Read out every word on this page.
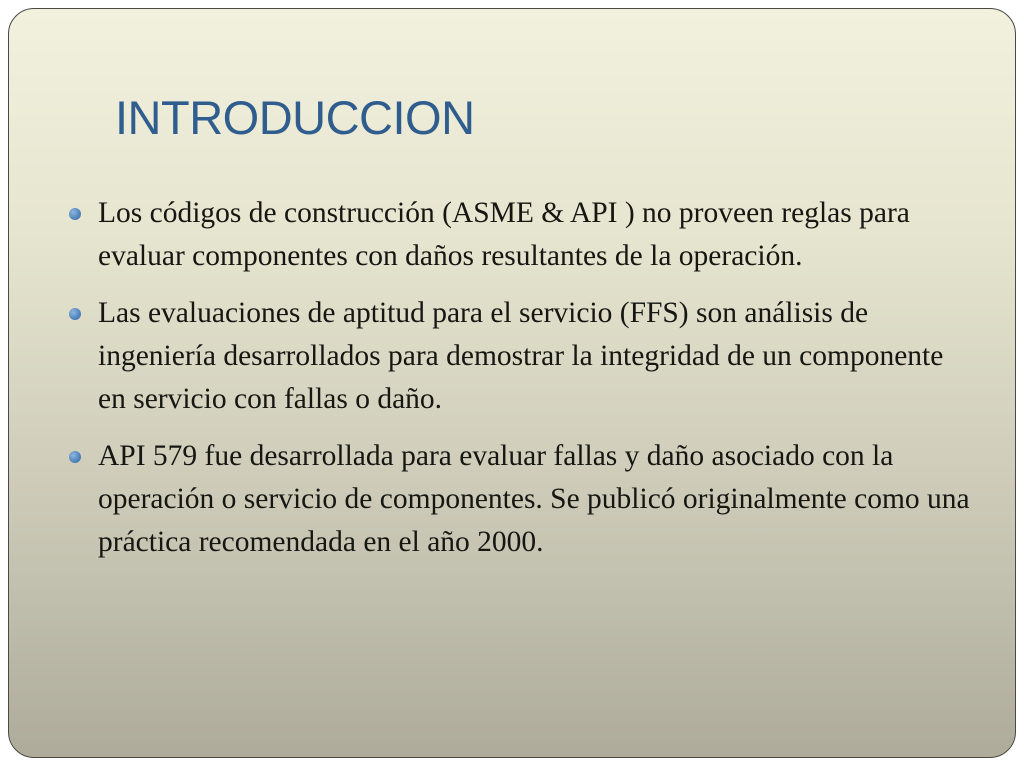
INTRODUCCION
Los códigos de construcción (ASME & API ) no proveen reglas para evaluar componentes con daños resultantes de la operación.
Las evaluaciones de aptitud para el servicio (FFS) son análisis de ingeniería desarrollados para demostrar la integridad de un componente en servicio con fallas o daño.
API 579 fue desarrollada para evaluar fallas y daño asociado con la operación o servicio de componentes. Se publicó originalmente como una práctica recomendada en el año 2000.
